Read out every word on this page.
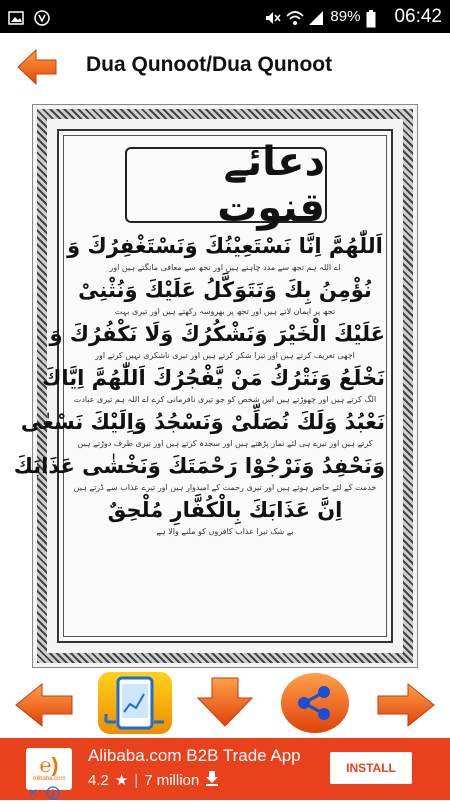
89% 06:42
Dua Qunoot/Dua Qunoot
دعائے قنوت
اَللّٰھُمَّ اِنَّا نَسْتَعِیْنُكَ وَنَسْتَغْفِرُكَ وَ
اے اللہ ہم تجھ سے مدد چاہتے ہیں اور تجھ سے معافی مانگتے ہیں اور
نُؤْمِنُ بِكَ وَنَتَوَكَّلُ عَلَیْكَ وَنُثْنِیْ
تجھ پر ایمان لاتے ہیں اور تجھ پر بھروسہ رکھتے ہیں اور تیری بہت
عَلَیْكَ الْخَیْرَ وَنَشْكُرُكَ وَلَا نَكْفُرُكَ وَ
اچھی تعریف کرتے ہیں اور تیرا شکر کرتے ہیں اور تیری ناشکری نہیں کرتے اور
نَخْلَعُ وَنَتْرُكُ مَنْ یَّفْجُرُكَ اَللّٰھُمَّ اِیَّاكَ
الگ کرتے ہیں اور چھوڑتے ہیں اس شخص کو جو تیری نافرمانی کرے اے اللہ ہم تیری عبادت
نَعْبُدُ وَلَكَ نُصَلِّیْ وَنَسْجُدُ وَاِلَیْكَ نَسْعٰی
کرتے ہیں اور تیرے ہی لئے نماز پڑھتے ہیں اور سجدہ کرتے ہیں اور تیری طرف دوڑتے ہیں
وَنَحْفِدُ وَنَرْجُوْا رَحْمَتَكَ وَنَخْشٰی عَذَابَكَ
خدمت کے لئے حاضر ہوتے ہیں اور تیری رحمت کے امیدوار ہیں اور تیرے عذاب سے ڈرتے ہیں
اِنَّ عَذَابَكَ بِالْكُفَّارِ مُلْحِقٌ
بے شک تیرا عذاب کافروں کو ملنے والا ہے
℮)
Alibaba.com
Alibaba.com B2B Trade App
4.2 ★ | 7 million
INSTALL
✕
